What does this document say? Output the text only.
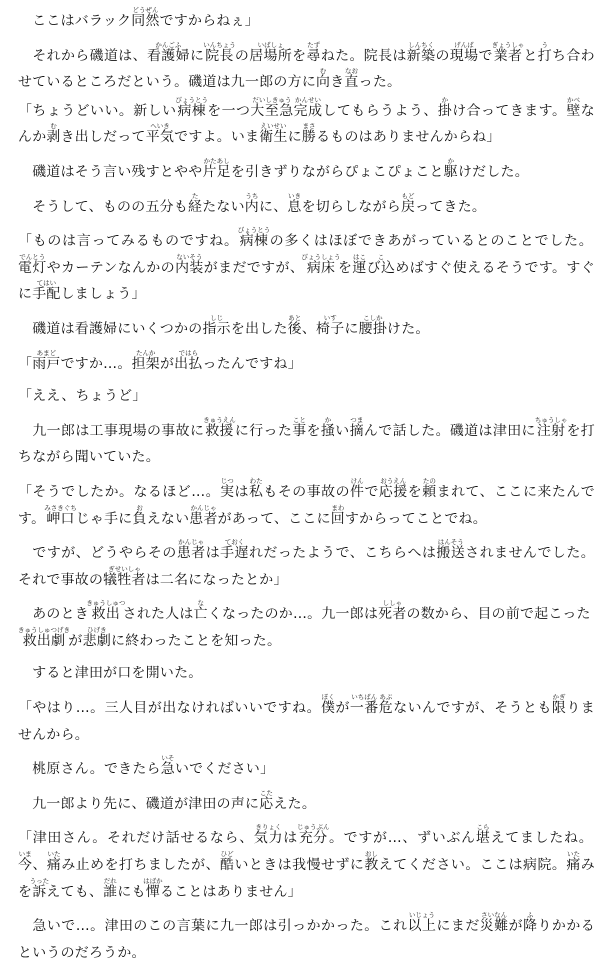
　ここはバラック同然どうぜんですからねぇ」

　それから磯道は、看護婦かんごふに院長いんちょうの居場所いばしょを尋たずねた。院長は新築しんちくの現場げんばで業者ぎょうしゃと打うち合わせているところだという。磯道は九一郎の方に向むき直なおった。

「ちょうどいい。新しい病棟びょうとうを一つ大至急だいしきゅう完成かんせいしてもらうよう、掛かけ合ってきます。壁かべなんか剥むき出しだって平気へいきですよ。いま衛生えいせいに勝まさるものはありませんからね」

　磯道はそう言い残すとやや片足かたあしを引きずりながらぴょこぴょこと駆かけだした。

　そうして、ものの五分も経たたない内うちに、息いきを切らしながら戻もどってきた。

「ものは言ってみるものですね。病棟びょうとうの多くはほぼできあがっているとのことでした。電灯でんとうやカーテンなんかの内装ないそうがまだですが、病床びょうしょうを運はこび込こめばすぐ使えるそうです。すぐに手配てはいしましょう」

　磯道は看護婦にいくつかの指示しじを出した後あと、椅子いすに腰掛こしかけた。

「雨戸あまどですか…。担架たんかが出払ではらったんですね」

「ええ、ちょうど」

　九一郎は工事現場の事故に救援きゅうえんに行った事ことを掻かい摘つまんで話した。磯道は津田に注射ちゅうしゃを打ちながら聞いていた。

「そうでしたか。なるほど…。実じつは私わたもその事故の件けんで応援おうえんを頼たのまれて、ここに来たんです。岬口みさきぐちじゃ手に負おえない患者かんじゃがあって、ここに回まわすからってことでね。

　ですが、どうやらその患者かんじゃは手遅ておくれだったようで、こちらへは搬送はんそうされませんでした。それで事故の犠牲者ぎせいしゃは二名になったとか」

　あのとき救出きゅうしゅつされた人は亡なくなったのか…。九一郎は死者ししゃの数から、目の前で起こった救出劇きゅうしゅつげきが悲劇ひげきに終わったことを知った。

　すると津田が口を開いた。

「やはり…。三人目が出なければいいですね。僕ぼくが一番いちばん危あぶないんですが、そうとも限かぎりませんから。

　桃原さん。できたら急いそいでください」

　九一郎より先に、磯道が津田の声に応こたえた。

「津田さん。それだけ話せるなら、気力きりょくは充分じゅうぶん。ですが…、ずいぶん堪こらえてましたね。今いま、痛いたみ止めを打ちましたが、酷ひどいときは我慢せずに教おしえてください。ここは病院。痛いたみを訴うったえても、誰だれにも憚はばかることはありません」

　急いで…。津田のこの言葉に九一郎は引っかかった。これ以上いじょうにまだ災難さいなんが降ふりかかるというのだろうか。
